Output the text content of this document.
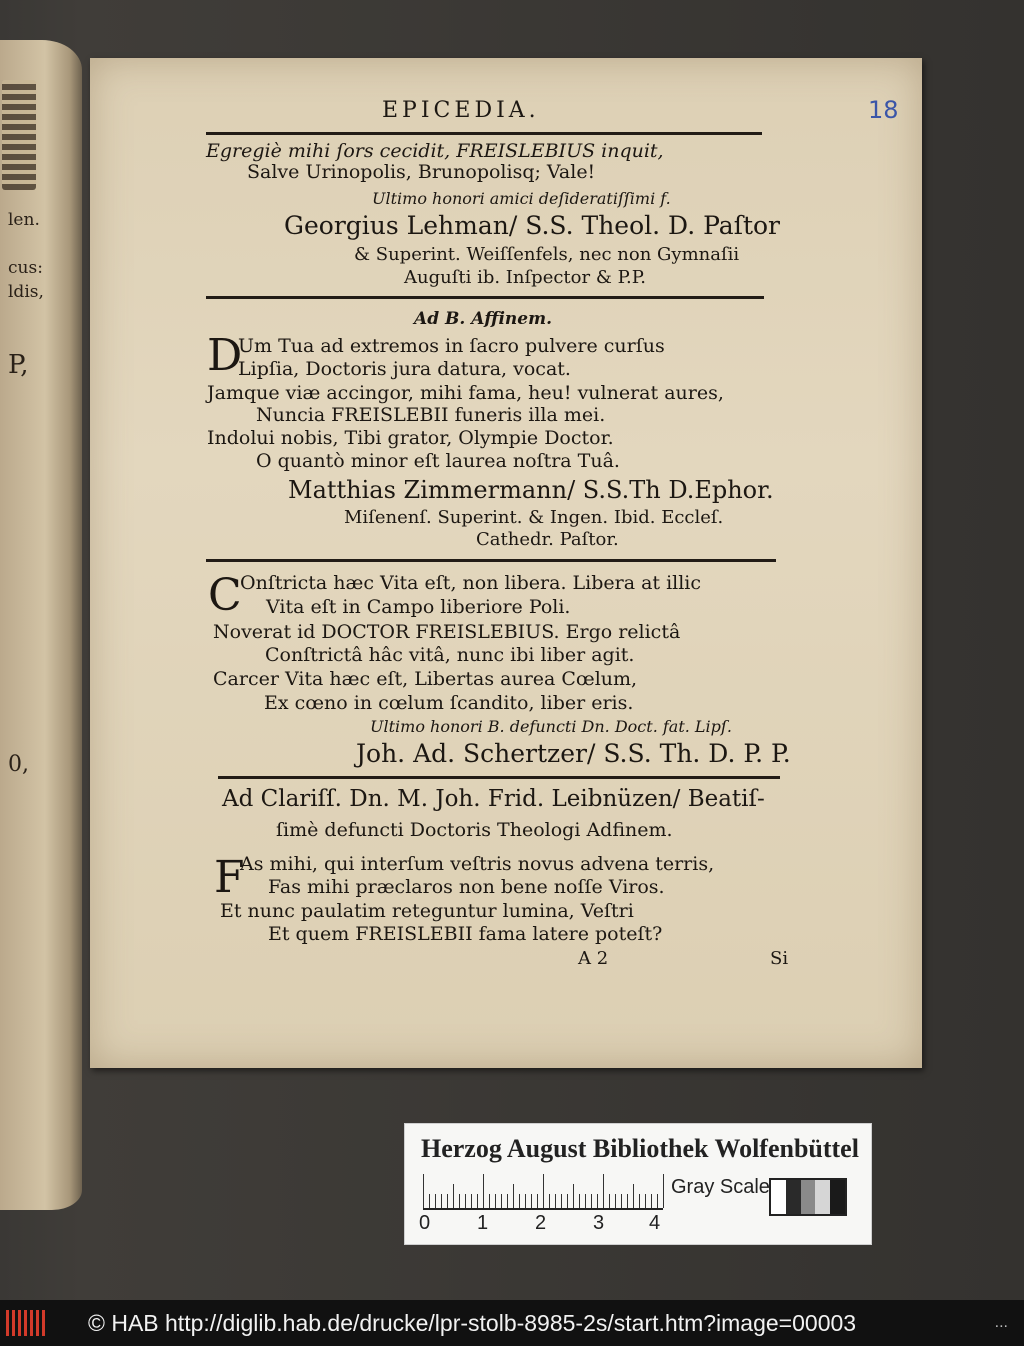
len.
cus:
ldis,
P,
0,
EPICEDIA.	18
Egregiè mihi ſors cecidit, FREISLEBIUS inquit,
Salve Urinopolis, Brunopolisq; Vale!
Ultimo honori amici deſideratiſſimi f.
Georgius Lehman/ S.S. Theol. D. Paſtor
& Superint. Weiſſenfels, nec non Gymnaſii
Auguſti ib. Inſpector & P.P.
Ad B. Affinem.
D
Um Tua ad extremos in ſacro pulvere curſus
Lipſia, Doctoris jura datura, vocat.
Jamque viæ accingor, mihi fama, heu! vulnerat aures,
Nuncia FREISLEBII funeris illa mei.
Indolui nobis, Tibi grator, Olympie Doctor.
O quantò minor eſt laurea noſtra Tuâ.
Matthias Zimmermann/ S.S.Th D.Ephor.
Miſenenſ. Superint. & Ingen. Ibid. Eccleſ.
Cathedr. Paſtor.
C
Onſtricta hæc Vita eſt, non libera. Libera at illic
Vita eſt in Campo liberiore Poli.
Noverat id DOCTOR FREISLEBIUS. Ergo relictâ
Conſtrictâ hâc vitâ, nunc ibi liber agit.
Carcer Vita hæc eſt, Libertas aurea Cœlum,
Ex cœno in cœlum ſcandito, liber eris.
Ultimo honori B. defuncti Dn. Doct. fat. Lipſ.
Joh. Ad. Schertzer/ S.S. Th. D. P. P.
Ad Clariſſ. Dn. M. Joh. Frid. Leibnüzen/ Beatiſ-
ſimè defuncti Doctoris Theologi Adfinem.
F
As mihi, qui interſum veſtris novus advena terris,
Fas mihi præclaros non bene noſſe Viros.
Et nunc paulatim reteguntur lumina, Veſtri
Et quem FREISLEBII fama latere poteſt?
A 2	Si
Herzog August Bibliothek Wolfenbüttel
0 1 2 3 4
Gray Scale
© HAB http://diglib.hab.de/drucke/lpr-stolb-8985-2s/start.htm?image=00003	...
